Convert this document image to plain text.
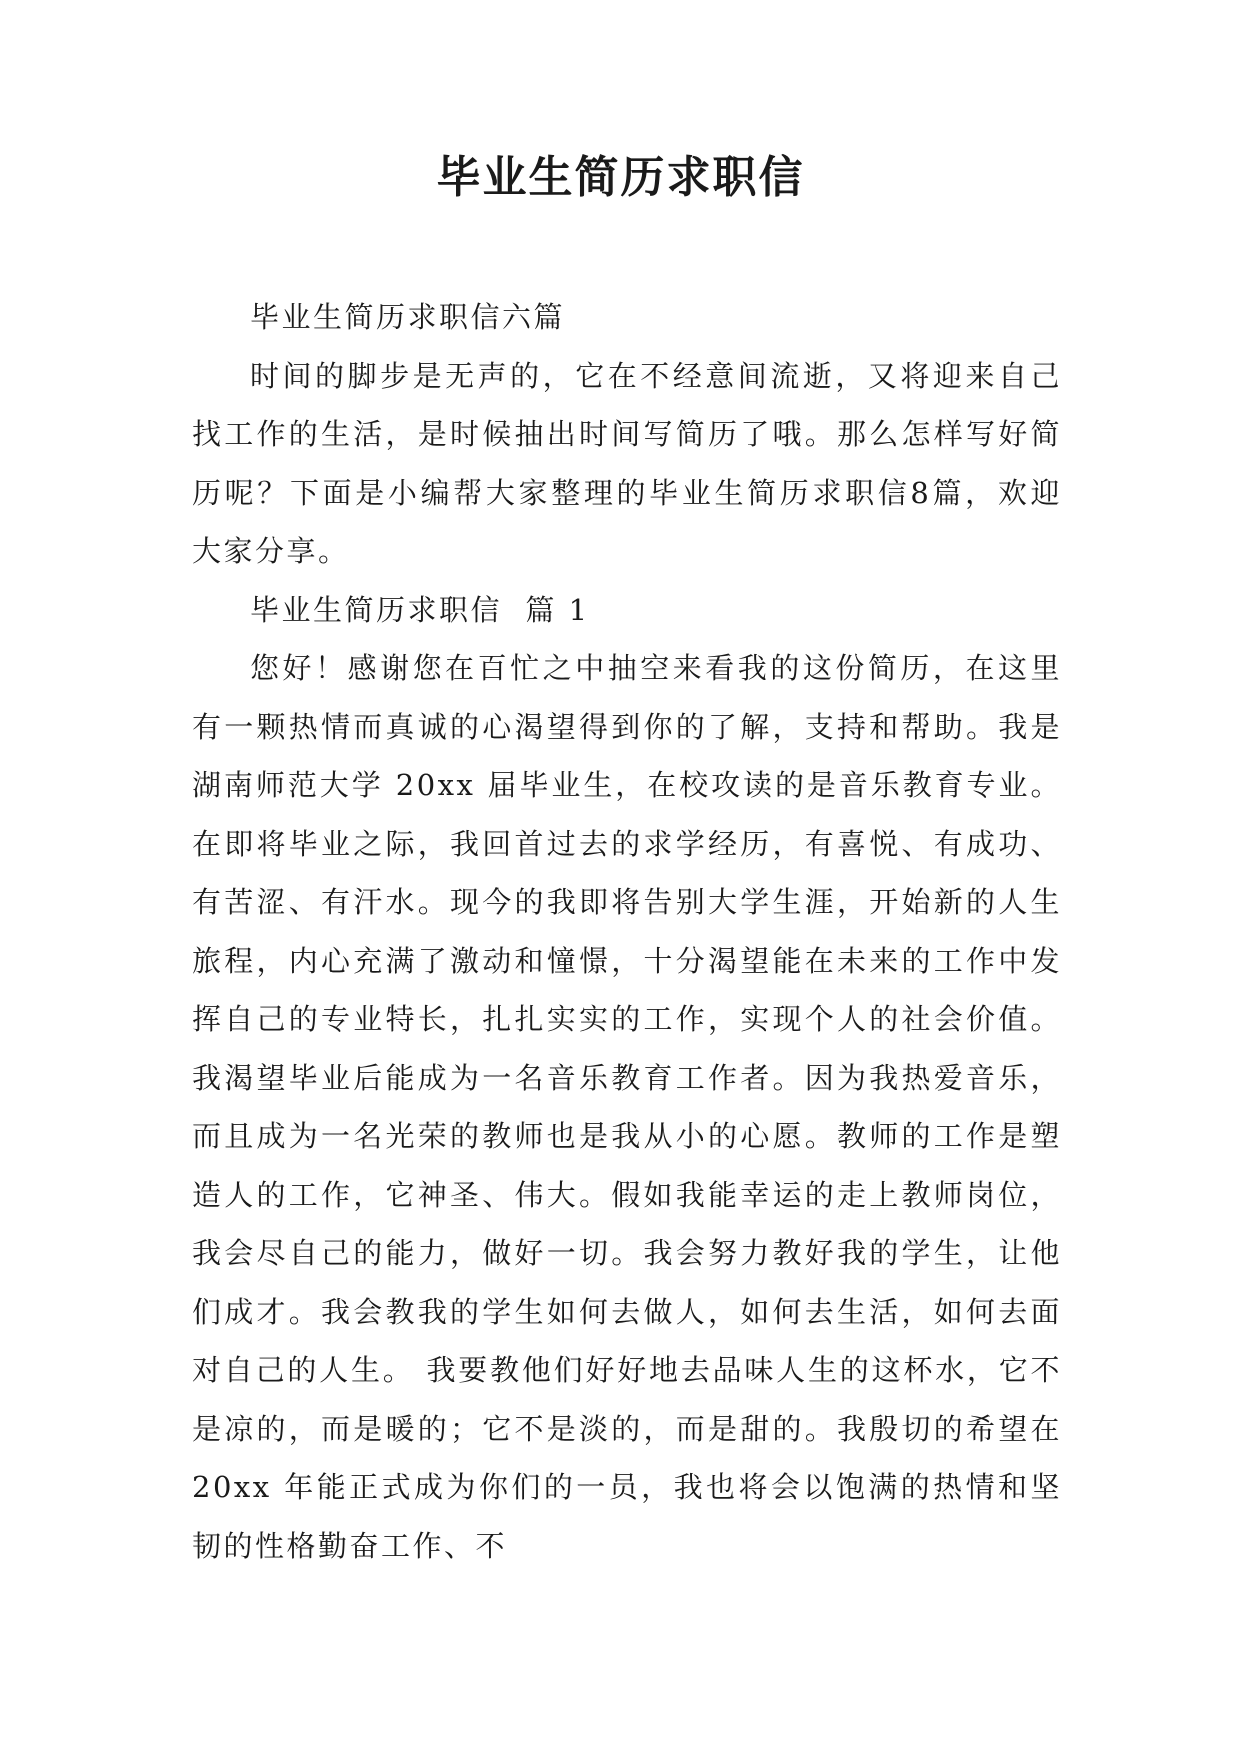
毕业生简历求职信

毕业生简历求职信六篇

时间的脚步是无声的，它在不经意间流逝，又将迎来自己找工作的生活，是时候抽出时间写简历了哦。那么怎样写好简历呢？下面是小编帮大家整理的毕业生简历求职信8篇，欢迎大家分享。

毕业生简历求职信  篇 1

您好！感谢您在百忙之中抽空来看我的这份简历，在这里有一颗热情而真诚的心渴望得到你的了解，支持和帮助。我是湖南师范大学 20xx 届毕业生，在校攻读的是音乐教育专业。在即将毕业之际，我回首过去的求学经历，有喜悦、有成功、有苦涩、有汗水。现今的我即将告别大学生涯，开始新的人生旅程，内心充满了激动和憧憬，十分渴望能在未来的工作中发挥自己的专业特长，扎扎实实的工作，实现个人的社会价值。我渴望毕业后能成为一名音乐教育工作者。因为我热爱音乐，而且成为一名光荣的教师也是我从小的心愿。教师的工作是塑造人的工作，它神圣、伟大。假如我能幸运的走上教师岗位，我会尽自己的能力，做好一切。我会努力教好我的学生，让他们成才。我会教我的学生如何去做人，如何去生活，如何去面对自己的人生。 我要教他们好好地去品味人生的这杯水，它不是凉的，而是暖的；它不是淡的，而是甜的。我殷切的希望在 20xx 年能正式成为你们的一员，我也将会以饱满的热情和坚韧的性格勤奋工作、不
